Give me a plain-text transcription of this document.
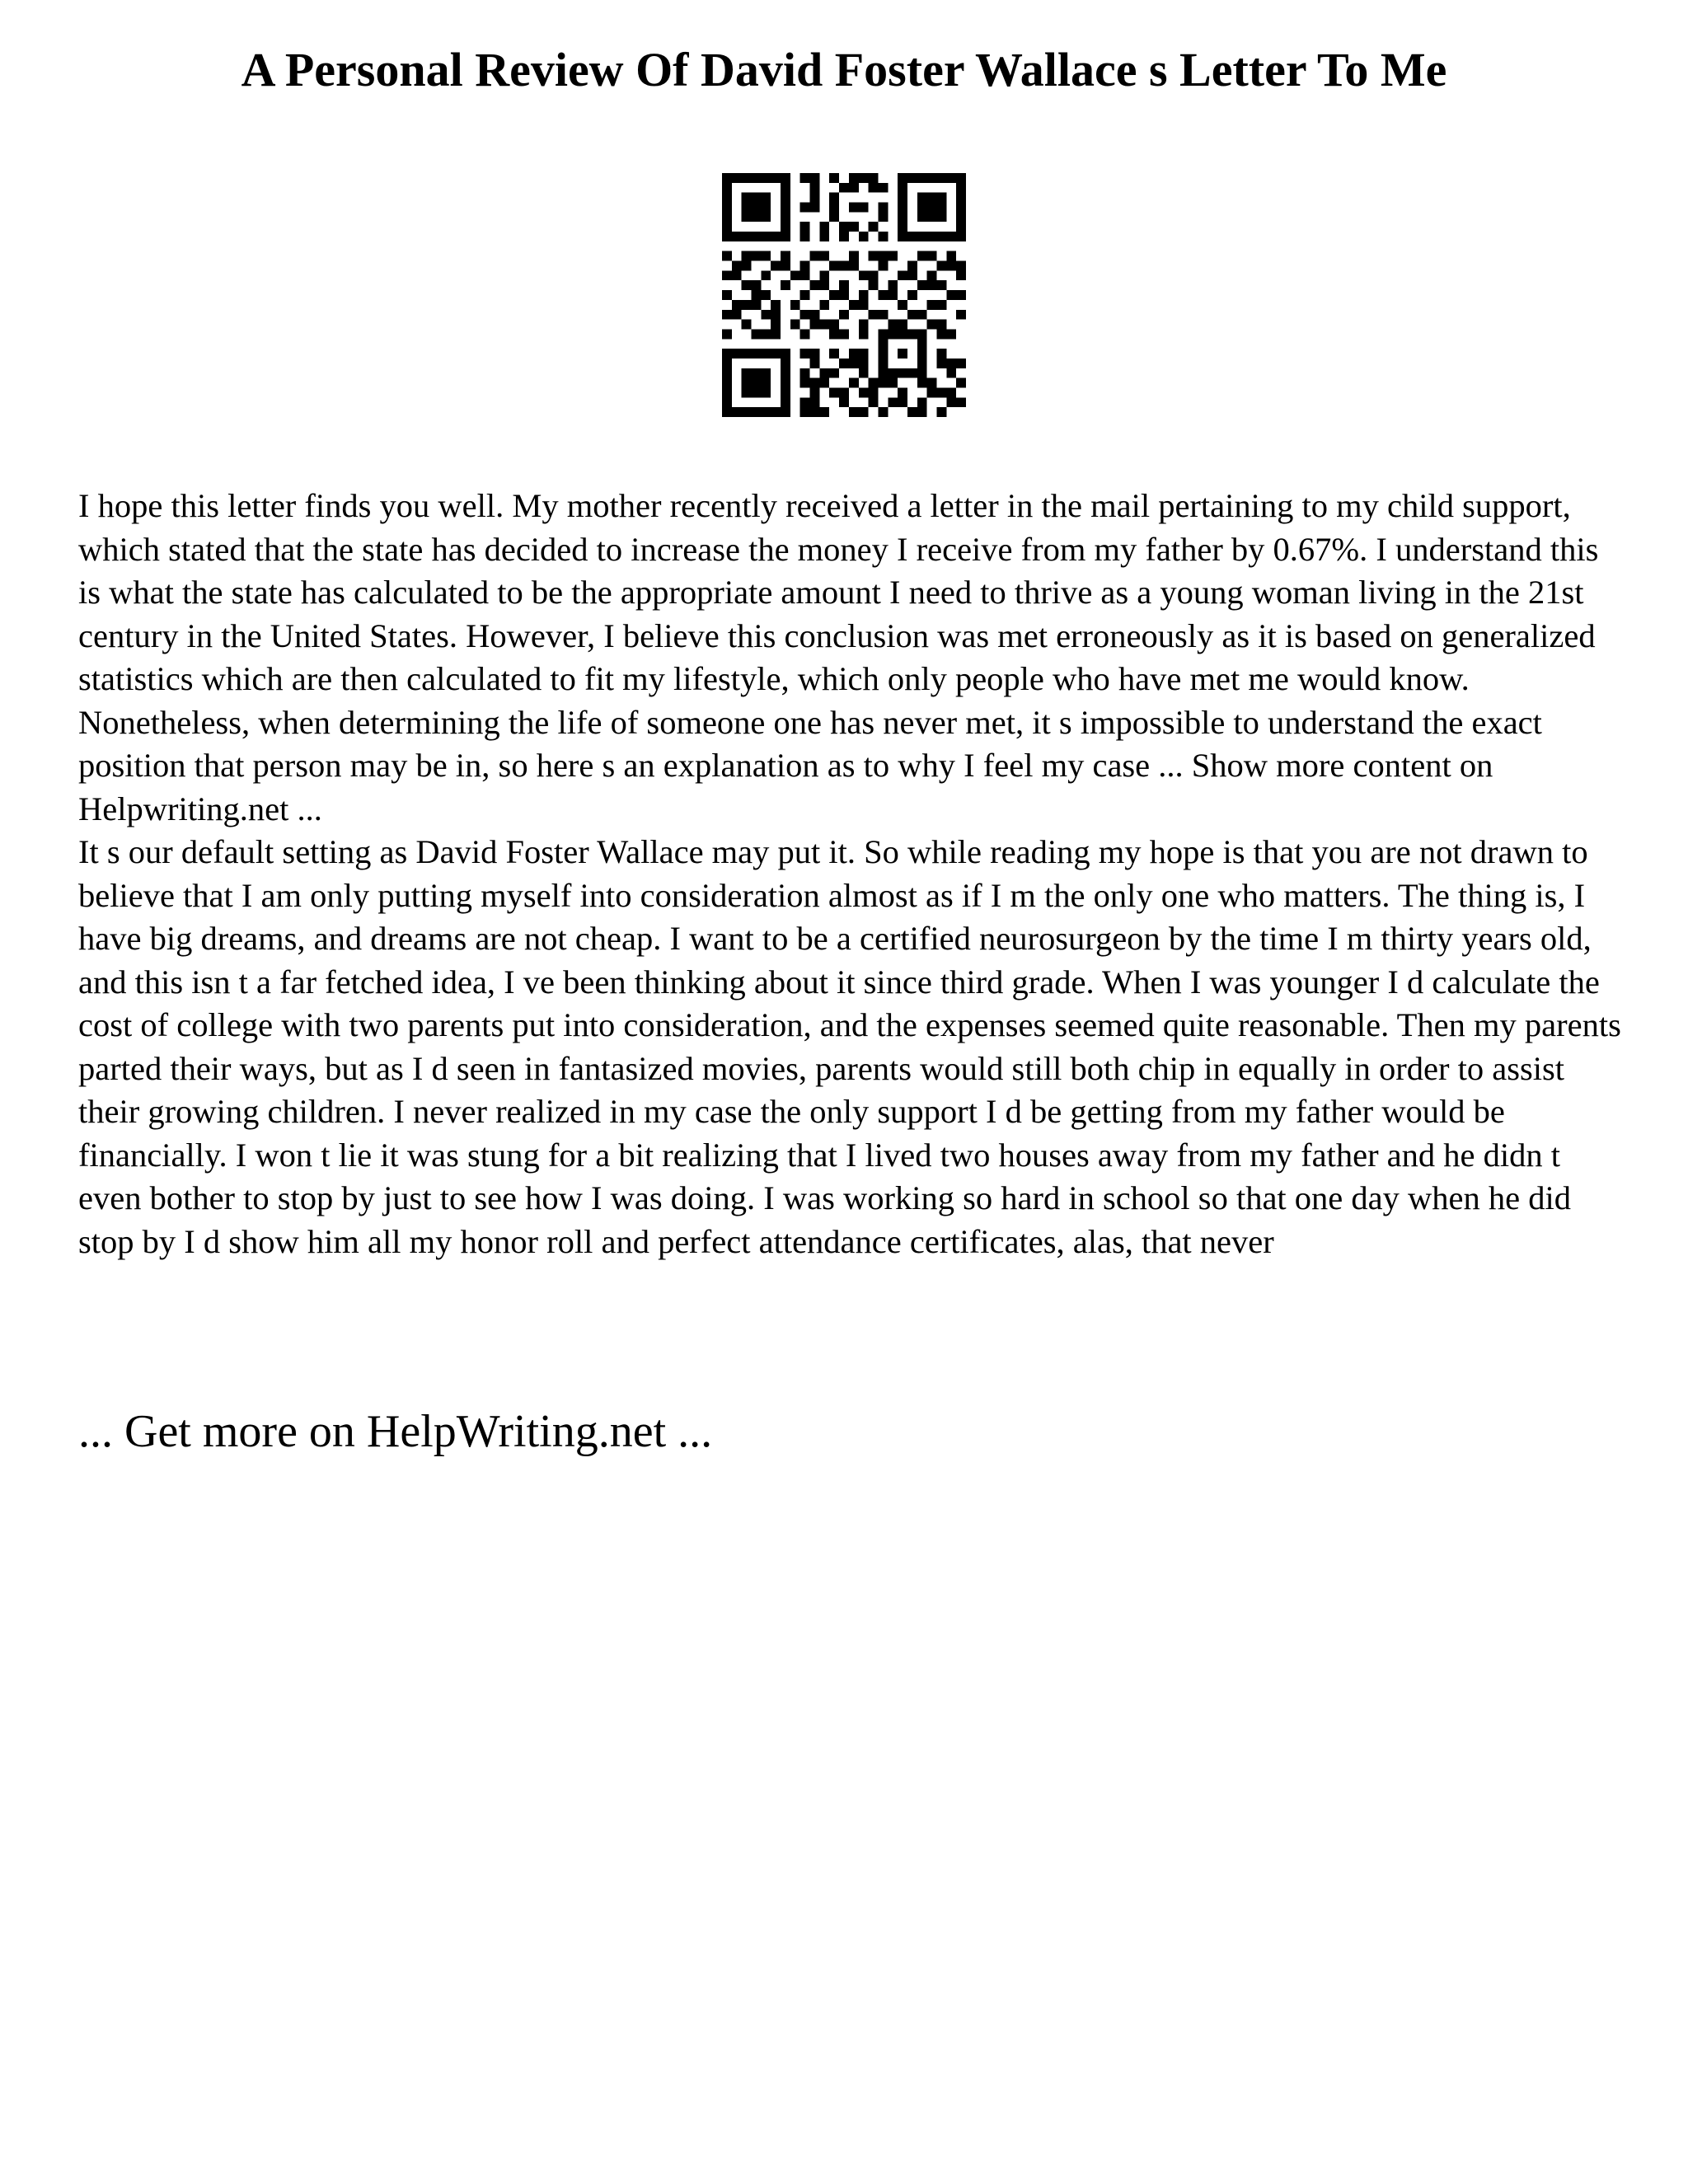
A Personal Review Of David Foster Wallace s Letter To Me

I hope this letter finds you well. My mother recently received a letter in the mail pertaining to my child support, which stated that the state has decided to increase the money I receive from my father by 0.67%. I understand this is what the state has calculated to be the appropriate amount I need to thrive as a young woman living in the 21st century in the United States. However, I believe this conclusion was met erroneously as it is based on generalized statistics which are then calculated to fit my lifestyle, which only people who have met me would know. Nonetheless, when determining the life of someone one has never met, it s impossible to understand the exact position that person may be in, so here s an explanation as to why I feel my case ... Show more content on Helpwriting.net ...

It s our default setting as David Foster Wallace may put it. So while reading my hope is that you are not drawn to believe that I am only putting myself into consideration almost as if I m the only one who matters. The thing is, I have big dreams, and dreams are not cheap. I want to be a certified neurosurgeon by the time I m thirty years old, and this isn t a far fetched idea, I ve been thinking about it since third grade. When I was younger I d calculate the cost of college with two parents put into consideration, and the expenses seemed quite reasonable. Then my parents parted their ways, but as I d seen in fantasized movies, parents would still both chip in equally in order to assist their growing children. I never realized in my case the only support I d be getting from my father would be financially. I won t lie it was stung for a bit realizing that I lived two houses away from my father and he didn t even bother to stop by just to see how I was doing. I was working so hard in school so that one day when he did stop by I d show him all my honor roll and perfect attendance certificates, alas, that never

... Get more on HelpWriting.net ...
